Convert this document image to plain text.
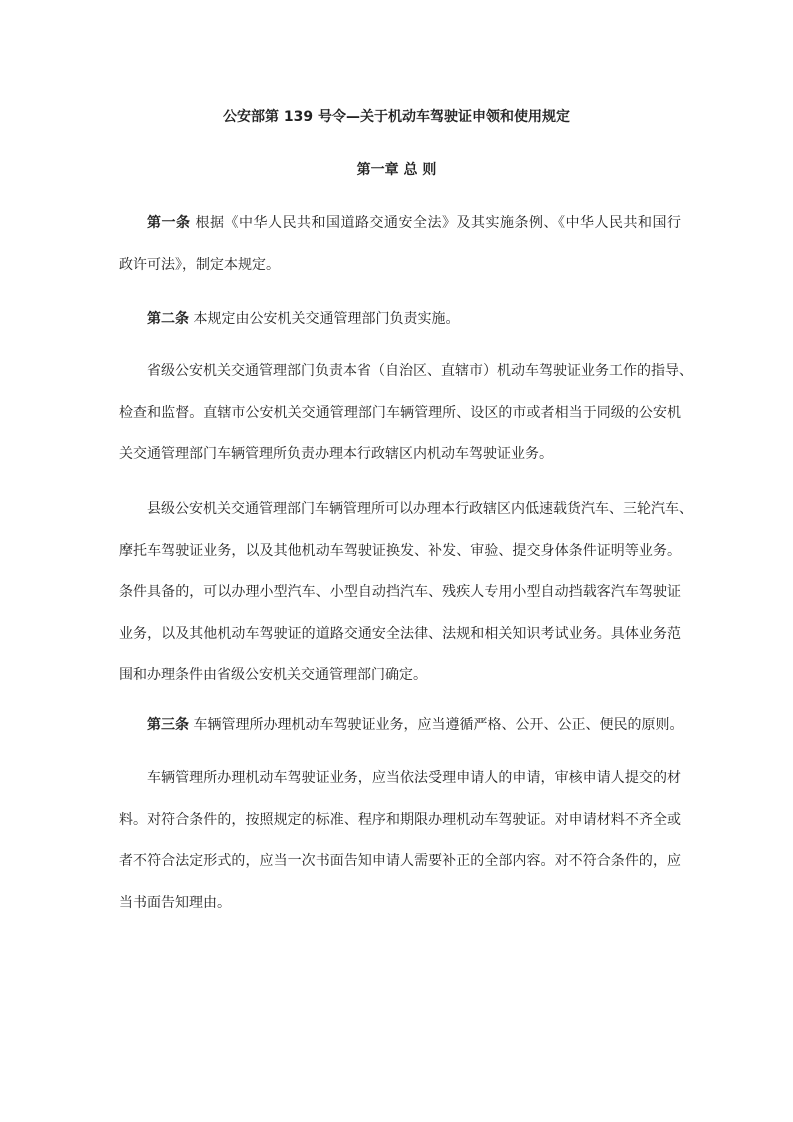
公安部第 139 号令—关于机动车驾驶证申领和使用规定
第一章 总 则
第一条 根据《中华人民共和国道路交通安全法》及其实施条例、《中华人民共和国行
政许可法》，制定本规定。
第二条 本规定由公安机关交通管理部门负责实施。
省级公安机关交通管理部门负责本省（自治区、直辖市）机动车驾驶证业务工作的指导、
检查和监督。直辖市公安机关交通管理部门车辆管理所、设区的市或者相当于同级的公安机
关交通管理部门车辆管理所负责办理本行政辖区内机动车驾驶证业务。
县级公安机关交通管理部门车辆管理所可以办理本行政辖区内低速载货汽车、三轮汽车、
摩托车驾驶证业务，以及其他机动车驾驶证换发、补发、审验、提交身体条件证明等业务。
条件具备的，可以办理小型汽车、小型自动挡汽车、残疾人专用小型自动挡载客汽车驾驶证
业务，以及其他机动车驾驶证的道路交通安全法律、法规和相关知识考试业务。具体业务范
围和办理条件由省级公安机关交通管理部门确定。
第三条 车辆管理所办理机动车驾驶证业务，应当遵循严格、公开、公正、便民的原则。
车辆管理所办理机动车驾驶证业务，应当依法受理申请人的申请，审核申请人提交的材
料。对符合条件的，按照规定的标准、程序和期限办理机动车驾驶证。对申请材料不齐全或
者不符合法定形式的，应当一次书面告知申请人需要补正的全部内容。对不符合条件的，应
当书面告知理由。
